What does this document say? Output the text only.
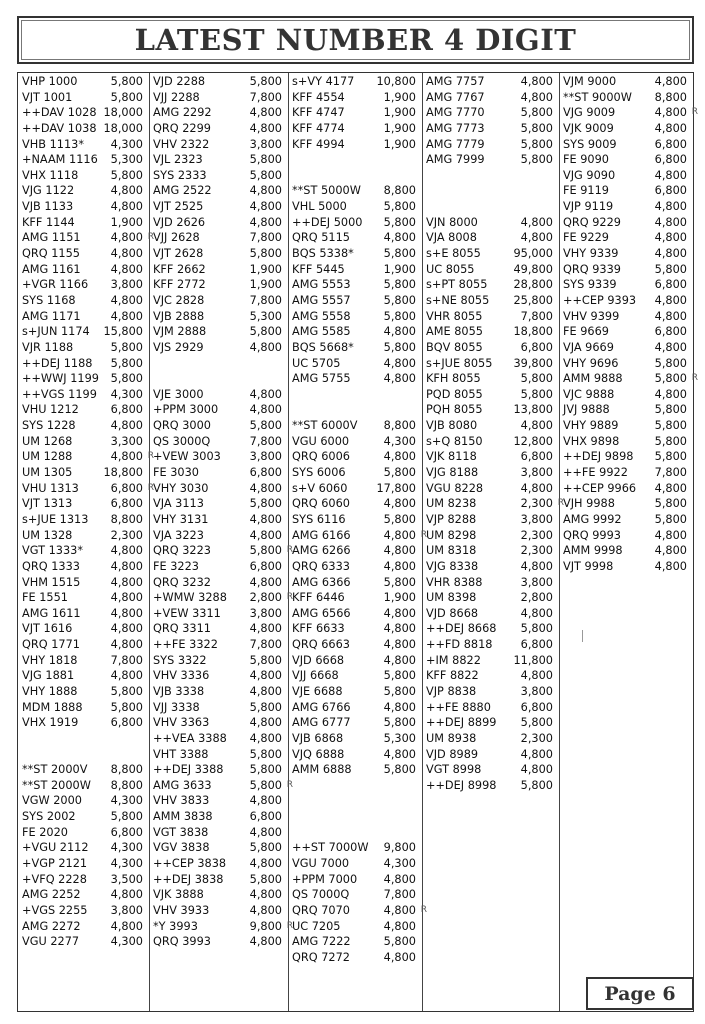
LATEST NUMBER 4 DIGIT
VHP 1000	5,800
VJT 1001	5,800
++DAV 1028 18,000
++DAV 1038 18,000
VHB 1113* 4,300
+NAAM 1116 5,300
VHX 1118	5,800
VJG 1122	4,800
VJB 1133	4,800
KFF 1144	1,900
AMG 1151	4,800 R
QRQ 1155	4,800
AMG 1161	4,800
+VGR 1166 3,800
SYS 1168	4,800
AMG 1171	4,800
s+JUN 1174 15,800
VJR 1188	5,800
++DEJ 1188 5,800
++WWJ 1199 5,800
++VGS 1199 4,300
VHU 1212	6,800
SYS 1228	4,800
UM 1268	3,300
UM 1288	4,800 R
UM 1305	18,800
VHU 1313	6,800 R
VJT 1313	6,800
s+JUE 1313 8,800
UM 1328	2,300
VGT 1333* 4,800
QRQ 1333	4,800
VHM 1515	4,800
FE 1551	4,800
AMG 1611	4,800
VJT 1616	4,800
QRQ 1771	4,800
VHY 1818	7,800
VJG 1881	4,800
VHY 1888	5,800
MDM 1888 5,800
VHX 1919	6,800
**ST 2000V 8,800
**ST 2000W 8,800
VGW 2000	4,300
SYS 2002	5,800
FE 2020	6,800
+VGU 2112 4,300
+VGP 2121 4,300
+VFQ 2228 3,500
AMG 2252	4,800
+VGS 2255 3,800
AMG 2272	4,800
VGU 2277	4,300
VJD 2288	5,800
VJJ 2288	7,800
AMG 2292	4,800
QRQ 2299	4,800
VHV 2322	3,800
VJL 2323	5,800
SYS 2333	5,800
AMG 2522	4,800
VJT 2525	4,800
VJD 2626	4,800
VJJ 2628	7,800
VJT 2628	5,800
KFF 2662	1,900
KFF 2772	1,900
VJC 2828	7,800
VJB 2888	5,300
VJM 2888	5,800
VJS 2929	4,800
VJE 3000	4,800
+PPM 3000	4,800
QRQ 3000	5,800
QS 3000Q	7,800
+VEW 3003	3,800
FE 3030	6,800
VHY 3030	4,800
VJA 3113	5,800
VHY 3131	4,800
VJA 3223	4,800
QRQ 3223	5,800 R
FE 3223	6,800
QRQ 3232	4,800
+WMW 3288 2,800 R
+VEW 3311	3,800
QRQ 3311	4,800
++FE 3322	7,800
SYS 3322	5,800
VHV 3336	4,800
VJB 3338	4,800
VJJ 3338	5,800
VHV 3363	4,800
++VEA 3388 4,800
VHT 3388	5,800
++DEJ 3388 5,800
AMG 3633	5,800 R
VHV 3833	4,800
AMM 3838	6,800
VGT 3838	4,800
VGV 3838	5,800
++CEP 3838 4,800
++DEJ 3838 5,800
VJK 3888	4,800
VHV 3933	4,800
*Y 3993	9,800 R
QRQ 3993	4,800
s+VY 4177 10,800
KFF 4554	1,900
KFF 4747	1,900
KFF 4774	1,900
KFF 4994	1,900
**ST 5000W 8,800
VHL 5000	5,800
++DEJ 5000 5,800
QRQ 5115	4,800
BQS 5338*	5,800
KFF 5445	1,900
AMG 5553	5,800
AMG 5557	5,800
AMG 5558	5,800
AMG 5585	4,800
BQS 5668*	5,800
UC 5705	4,800
AMG 5755	4,800
**ST 6000V 8,800
VGU 6000	4,300
QRQ 6006	4,800
SYS 6006	5,800
s+V 6060	17,800
QRQ 6060	4,800
SYS 6116	5,800
AMG 6166	4,800 R
AMG 6266	4,800
QRQ 6333	4,800
AMG 6366	5,800
KFF 6446	1,900
AMG 6566	4,800
KFF 6633	4,800
QRQ 6663	4,800
VJD 6668	4,800
VJJ 6668	5,800
VJE 6688	5,800
AMG 6766	4,800
AMG 6777	5,800
VJB 6868	5,300
VJQ 6888	4,800
AMM 6888	5,800
++ST 7000W 9,800
VGU 7000	4,300
+PPM 7000 4,800
QS 7000Q	7,800
QRQ 7070	4,800 R
UC 7205	4,800
AMG 7222	5,800
QRQ 7272	4,800
AMG 7757	4,800
AMG 7767	4,800
AMG 7770	5,800
AMG 7773	5,800
AMG 7779	5,800
AMG 7999	5,800
VJN 8000	4,800
VJA 8008	4,800
s+E 8055	95,000
UC 8055	49,800
s+PT 8055 28,800
s+NE 8055 25,800
VHR 8055	7,800
AME 8055	18,800
BQV 8055	6,800
s+JUE 8055 39,800
KFH 8055	5,800
PQD 8055	5,800
PQH 8055	13,800
VJB 8080	4,800
s+Q 8150	12,800
VJK 8118	6,800
VJG 8188	3,800
VGU 8228	4,800
UM 8238	2,300 R
VJP 8288	3,800
UM 8298	2,300
UM 8318	2,300
VJG 8338	4,800
VHR 8388	3,800
UM 8398	2,800
VJD 8668	4,800
++DEJ 8668 5,800
++FD 8818 6,800
+IM 8822	11,800
KFF 8822	4,800
VJP 8838	3,800
++FE 8880	6,800
++DEJ 8899 5,800
UM 8938	2,300
VJD 8989	4,800
VGT 8998	4,800
++DEJ 8998 5,800
VJM 9000	4,800
**ST 9000W 8,800
VJG 9009	4,800 R
VJK 9009	4,800
SYS 9009	6,800
FE 9090	6,800
VJG 9090	4,800
FE 9119	6,800
VJP 9119	4,800
QRQ 9229	4,800
FE 9229	4,800
VHY 9339	4,800
QRQ 9339	5,800
SYS 9339	6,800
++CEP 9393 4,800
VHV 9399	4,800
FE 9669	6,800
VJA 9669	4,800
VHY 9696	5,800
AMM 9888	5,800 R
VJC 9888	4,800
JVJ 9888	5,800
VHY 9889	5,800
VHX 9898	5,800
++DEJ 9898 5,800
++FE 9922 7,800
++CEP 9966 4,800
VJH 9988	5,800
AMG 9992	5,800
QRQ 9993	4,800
AMM 9998	4,800
VJT 9998	4,800
Page 6
